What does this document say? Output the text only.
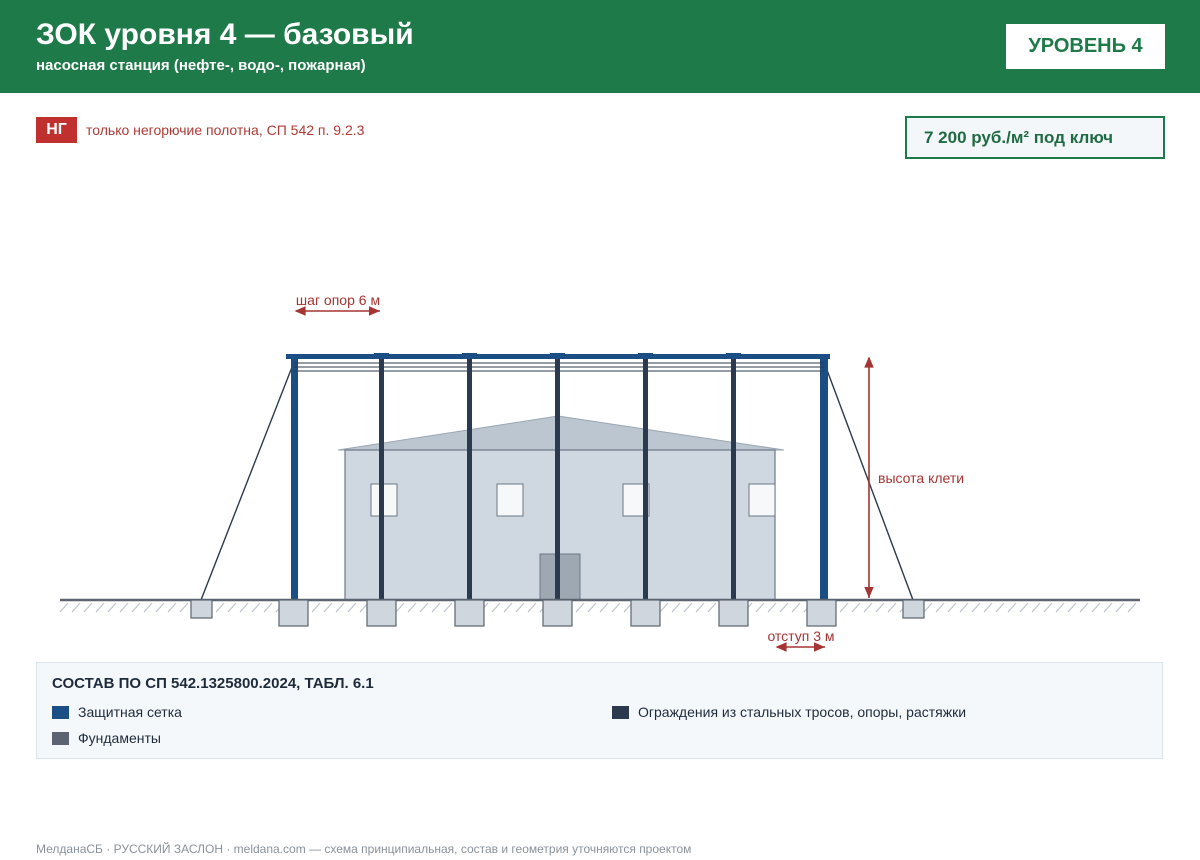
ЗОК уровня 4 — базовый
насосная станция (нефте-, водо-, пожарная)
УРОВЕНЬ 4
НГ	только негорючие полотна, СП 542 п. 9.2.3	7 200 руб./м² под ключ
шаг опор 6 м
высота клети
отступ 3 м
СОСТАВ ПО СП 542.1325800.2024, ТАБЛ. 6.1
Защитная сетка	Ограждения из стальных тросов, опоры, растяжки
Фундаменты
МелданаСБ · РУССКИЙ ЗАСЛОН · meldana.com — схема принципиальная, состав и геометрия уточняются проектом
